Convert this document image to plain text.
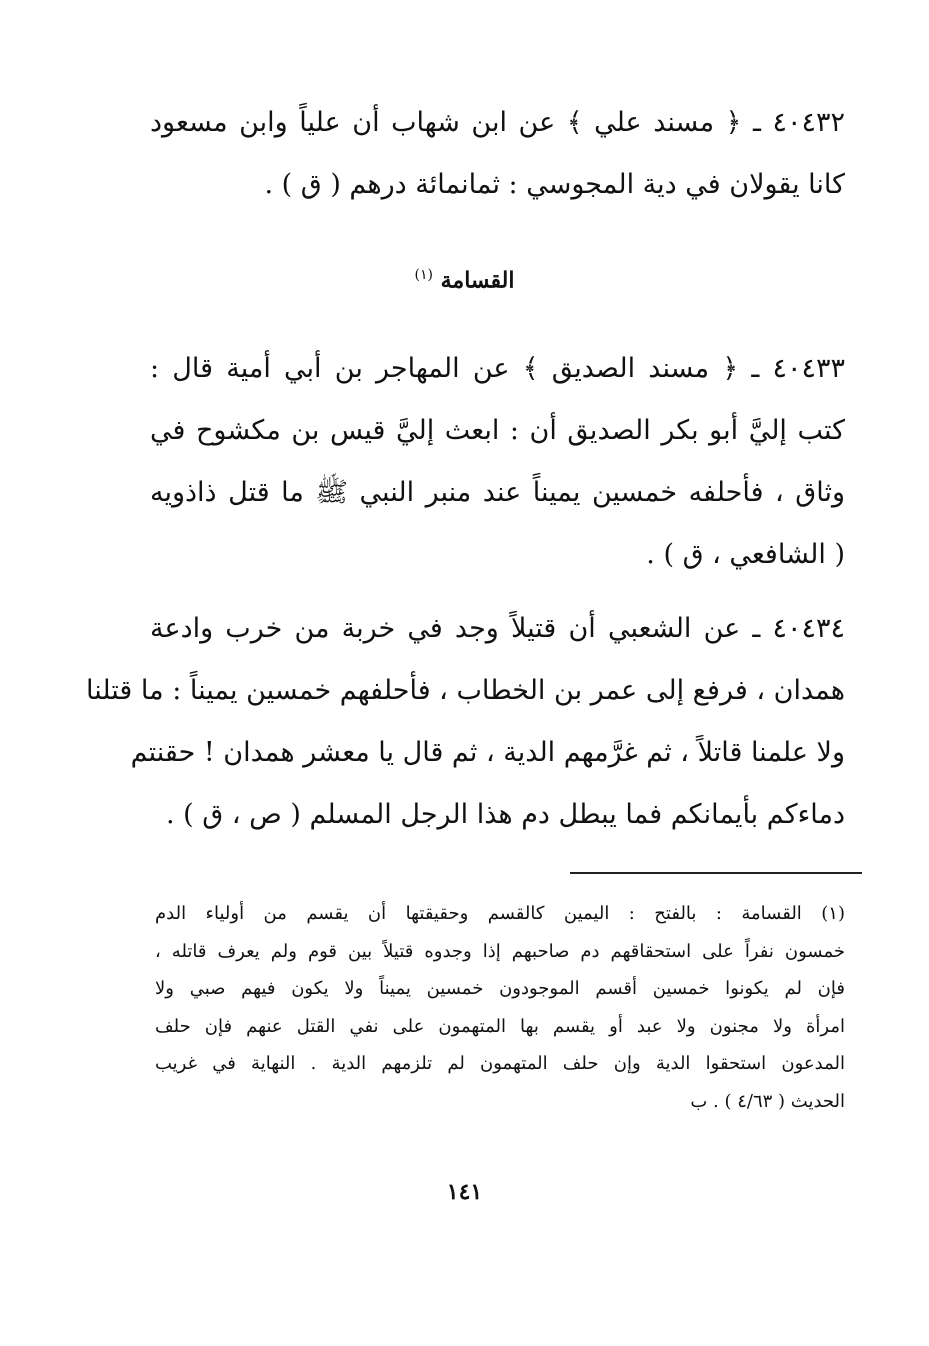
٤٠٤٣٢ ـ ﴿ مسند علي ﴾ عن ابن شهاب أن علياً وابن مسعود
كانا يقولان في دية المجوسي : ثمانمائة درهم ( ق ) .
القسامة $^{(١)}$
٤٠٤٣٣ ـ ﴿ مسند الصديق ﴾ عن المهاجر بن أبي أمية قال :
كتب إليَّ أبو بكر الصديق أن : ابعث إليَّ قيس بن مكشوح في
وثاق ، فأحلفه خمسين يميناً عند منبر النبي ﷺ ما قتل ذاذويه
( الشافعي ، ق ) .
٤٠٤٣٤ ـ عن الشعبي أن قتيلاً وجد في خربة من خرب وادعة
همدان ، فرفع إلى عمر بن الخطاب ، فأحلفهم خمسين يميناً : ما قتلنا
ولا علمنا قاتلاً ، ثم غرَّمهم الدية ، ثم قال يا معشر همدان ! حقنتم
دماءكم بأيمانكم فما يبطل دم هذا الرجل المسلم ( ص ، ق ) .
(١) القسامة : بالفتح : اليمين كالقسم وحقيقتها أن يقسم من أولياء الدم
خمسون نفراً على استحقاقهم دم صاحبهم إذا وجدوه قتيلاً بين قوم ولم يعرف قاتله ،
فإن لم يكونوا خمسين أقسم الموجودون خمسين يميناً ولا يكون فيهم صبي ولا
امرأة ولا مجنون ولا عبد أو يقسم بها المتهمون على نفي القتل عنهم فإن حلف
المدعون استحقوا الدية وإن حلف المتهمون لم تلزمهم الدية . النهاية في غريب
الحديث ( ٤/٦٣ ) . ب
١٤١
